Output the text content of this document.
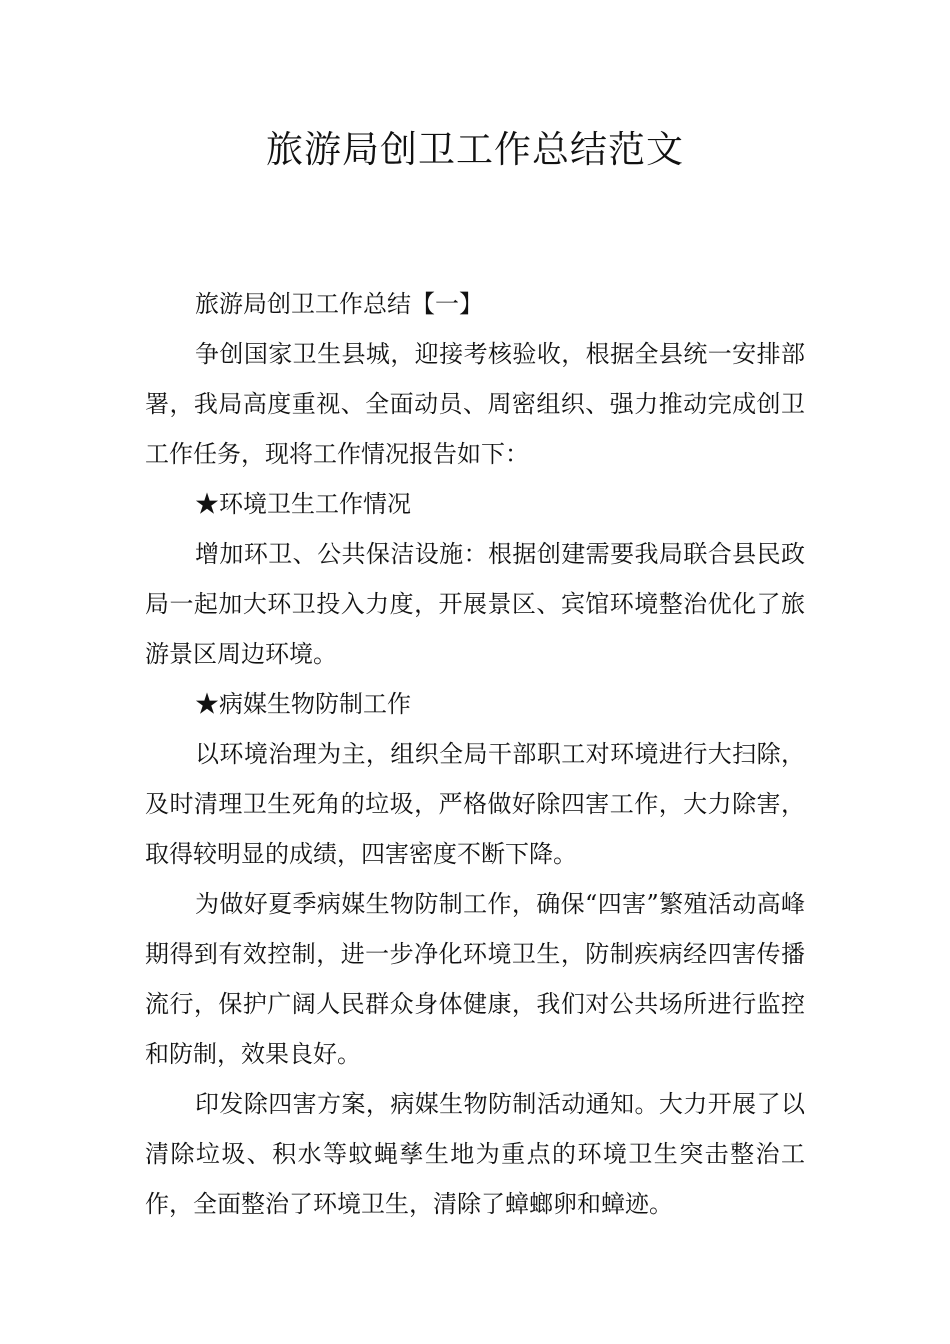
旅游局创卫工作总结范文

旅游局创卫工作总结【一】

争创国家卫生县城，迎接考核验收，根据全县统一安排部署，我局高度重视、全面动员、周密组织、强力推动完成创卫工作任务，现将工作情况报告如下：

★环境卫生工作情况

增加环卫、公共保洁设施：根据创建需要我局联合县民政局一起加大环卫投入力度，开展景区、宾馆环境整治优化了旅游景区周边环境。

★病媒生物防制工作

以环境治理为主，组织全局干部职工对环境进行大扫除，及时清理卫生死角的垃圾，严格做好除四害工作，大力除害，取得较明显的成绩，四害密度不断下降。

为做好夏季病媒生物防制工作，确保“四害”繁殖活动高峰期得到有效控制，进一步净化环境卫生，防制疾病经四害传播流行，保护广阔人民群众身体健康，我们对公共场所进行监控和防制，效果良好。

印发除四害方案，病媒生物防制活动通知。大力开展了以清除垃圾、积水等蚊蝇孳生地为重点的环境卫生突击整治工作，全面整治了环境卫生，清除了蟑螂卵和蟑迹。
